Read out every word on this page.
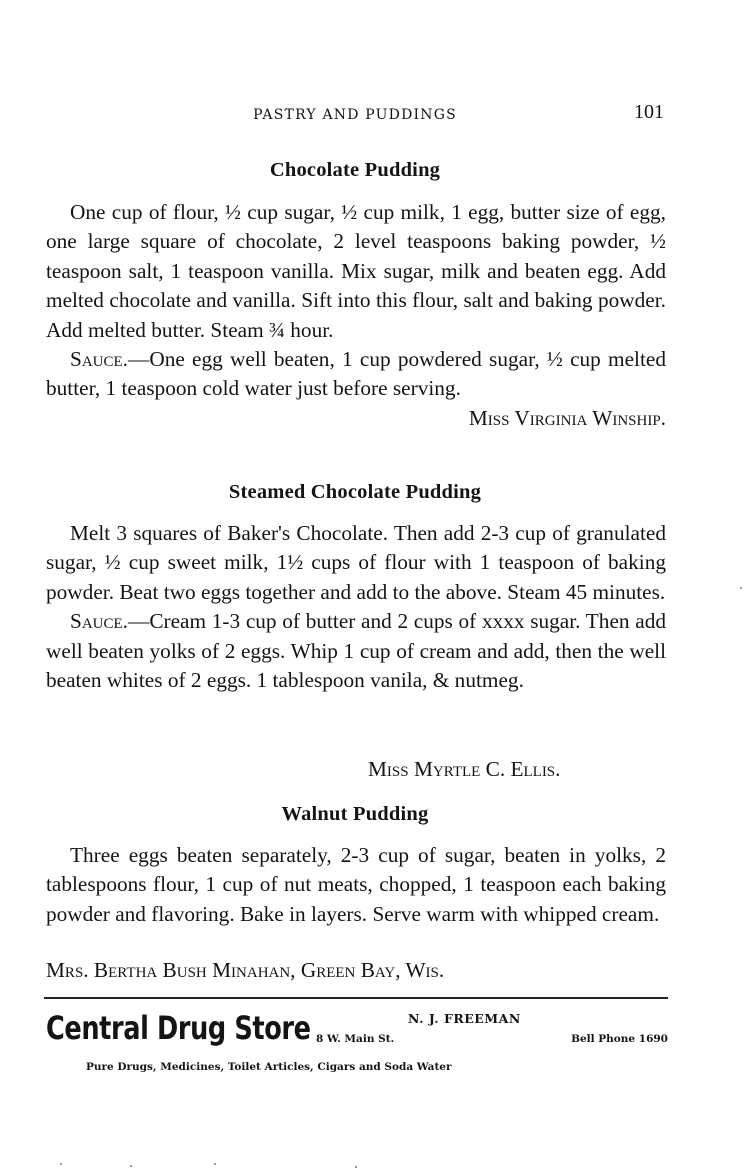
PASTRY AND PUDDINGS	101
Chocolate Pudding

One cup of flour, ½ cup sugar, ½ cup milk, 1 egg, butter size of egg, one large square of chocolate, 2 level teaspoons baking powder, ½ teaspoon salt, 1 teaspoon vanilla. Mix sugar, milk and beaten egg. Add melted chocolate and vanilla. Sift into this flour, salt and baking powder. Add melted butter. Steam ¾ hour.

Sauce.—One egg well beaten, 1 cup powdered sugar, ½ cup melted butter, 1 teaspoon cold water just before serving.
Miss Virginia Winship.

Steamed Chocolate Pudding

Melt 3 squares of Baker's Chocolate. Then add 2-3 cup of granulated sugar, ½ cup sweet milk, 1½ cups of flour with 1 teaspoon of baking powder. Beat two eggs together and add to the above. Steam 45 minutes.

Sauce.—Cream 1-3 cup of butter and 2 cups of xxxx sugar. Then add well beaten yolks of 2 eggs. Whip 1 cup of cream and add, then the well beaten whites of 2 eggs. 1 tablespoon vanila, & nutmeg.

Miss Myrtle C. Ellis.
Walnut Pudding

Three eggs beaten separately, 2-3 cup of sugar, beaten in yolks, 2 tablespoons flour, 1 cup of nut meats, chopped, 1 teaspoon each baking powder and flavoring. Bake in layers. Serve warm with whipped cream.

Mrs. Bertha Bush Minahan, Green Bay, Wis.
Central Drug Store	N. J. FREEMAN
8 W. Main St.	Bell Phone 1690
Pure Drugs, Medicines, Toilet Articles, Cigars and Soda Water
